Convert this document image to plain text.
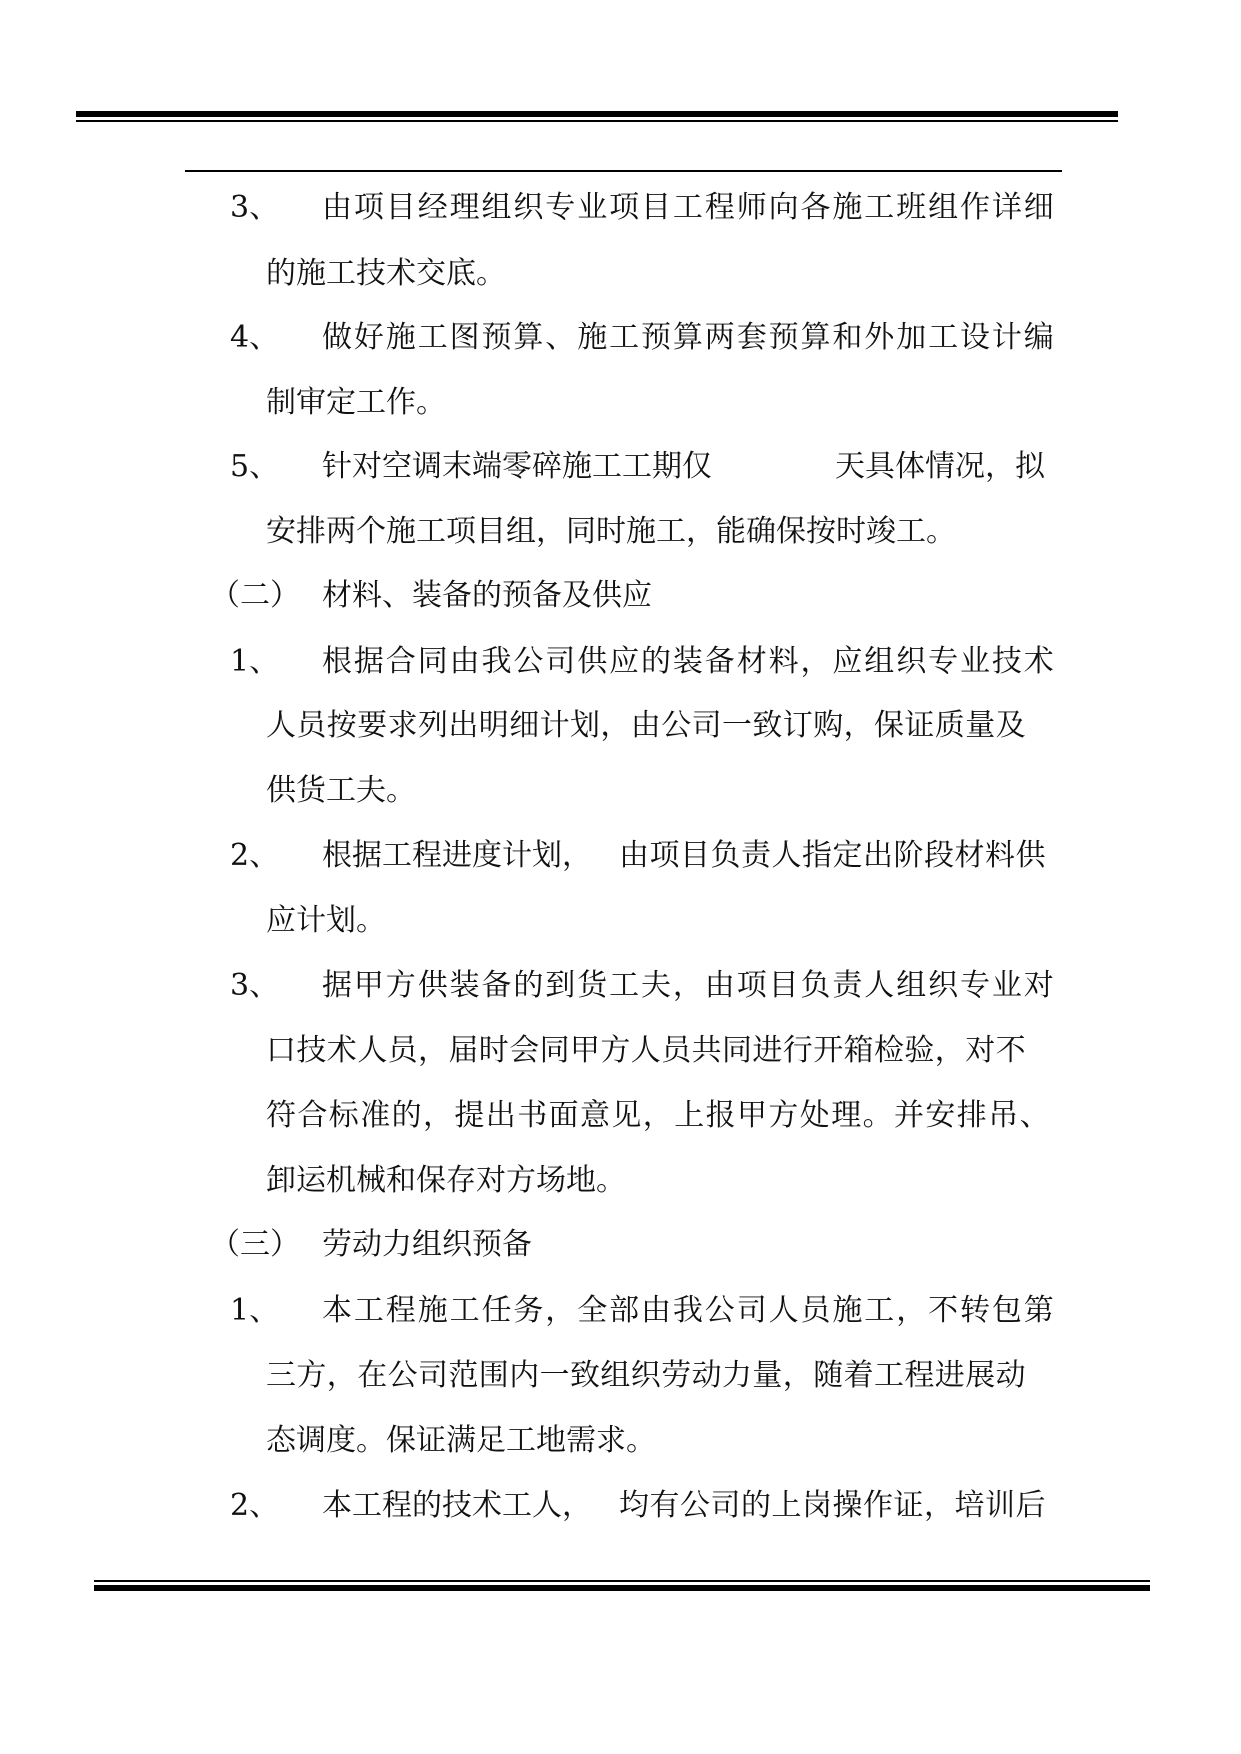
3、 由项目经理组织专业项目工程师向各施工班组作详细
的施工技术交底。
4、 做好施工图预算、施工预算两套预算和外加工设计编
制审定工作。
5、 针对空调末端零碎施工工期仅	天具体情况，拟
安排两个施工项目组，同时施工，能确保按时竣工。
（二） 材料、装备的预备及供应
1、 根据合同由我公司供应的装备材料，应组织专业技术
人员按要求列出明细计划，由公司一致订购，保证质量及
供货工夫。
2、 根据工程进度计划， 由项目负责人指定出阶段材料供
应计划。
3、 据甲方供装备的到货工夫，由项目负责人组织专业对
口技术人员，届时会同甲方人员共同进行开箱检验，对不
符合标准的，提出书面意见，上报甲方处理。并安排吊、
卸运机械和保存对方场地。
（三） 劳动力组织预备
1、 本工程施工任务，全部由我公司人员施工，不转包第
三方，在公司范围内一致组织劳动力量，随着工程进展动
态调度。保证满足工地需求。
2、 本工程的技术工人， 均有公司的上岗操作证，培训后
